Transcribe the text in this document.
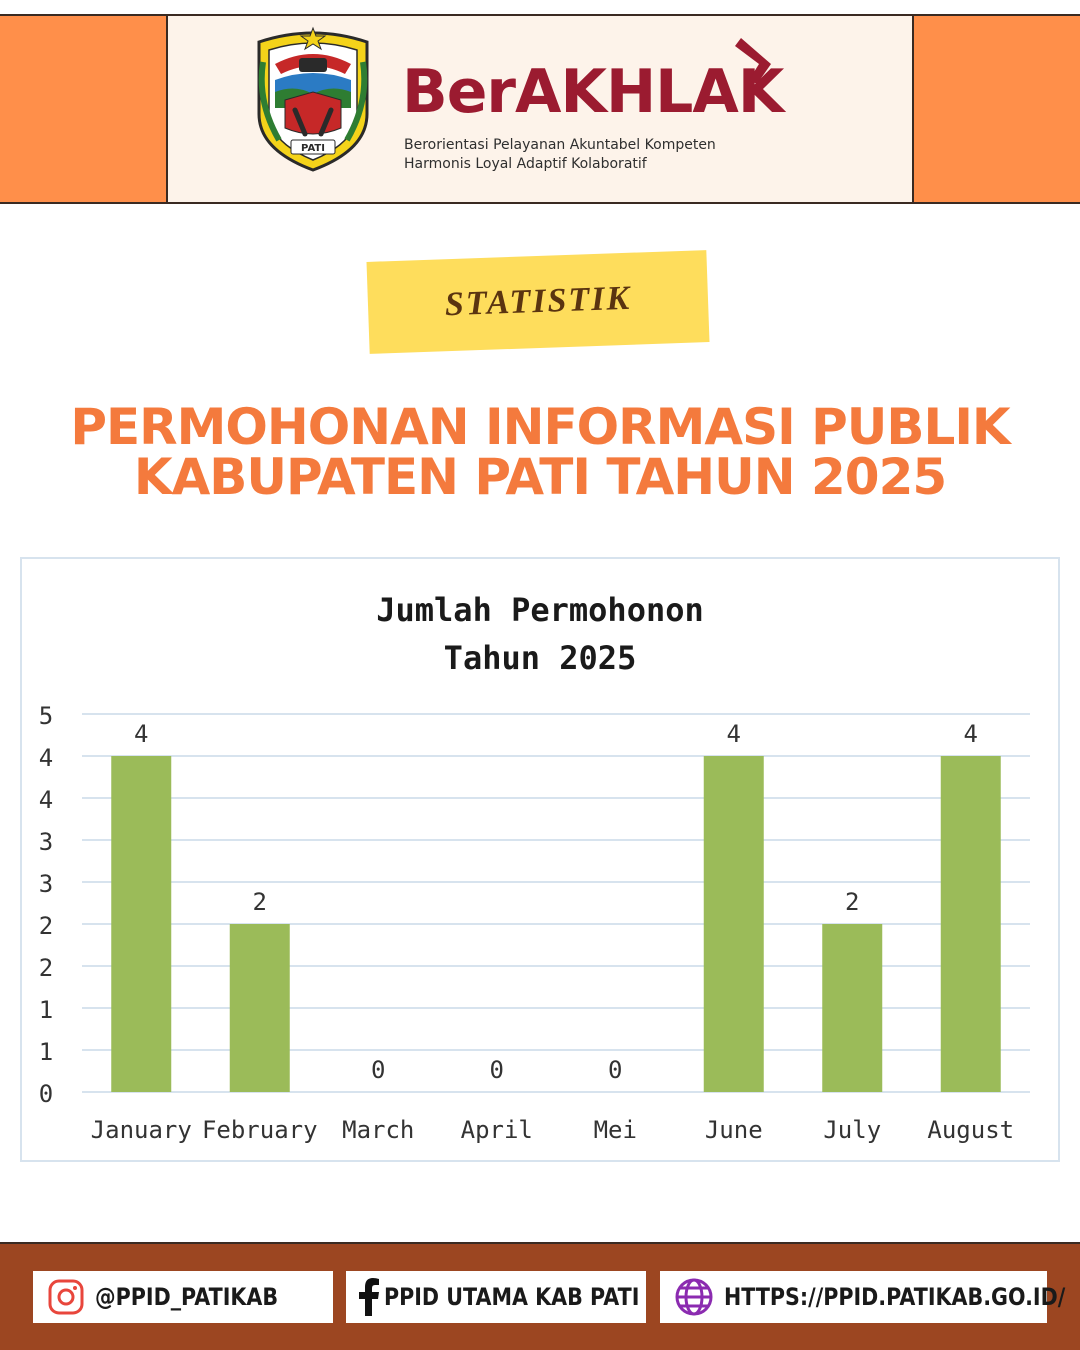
PATI
BerAKHLAK
Berorientasi Pelayanan Akuntabel Kompeten
Harmonis Loyal Adaptif Kolaboratif
STATISTIK
PERMOHONAN INFORMASI PUBLIK
KABUPATEN PATI TAHUN 2025
Jumlah Permohonon
Tahun 2025
0
1
1
2
2
3
3
4
4
5
4
January
2
February
0
March
0
April
0
Mei
4
June
2
July
4
August
@PPID_PATIKAB	PPID UTAMA KAB PATI	HTTPS://PPID.PATIKAB.GO.ID/
